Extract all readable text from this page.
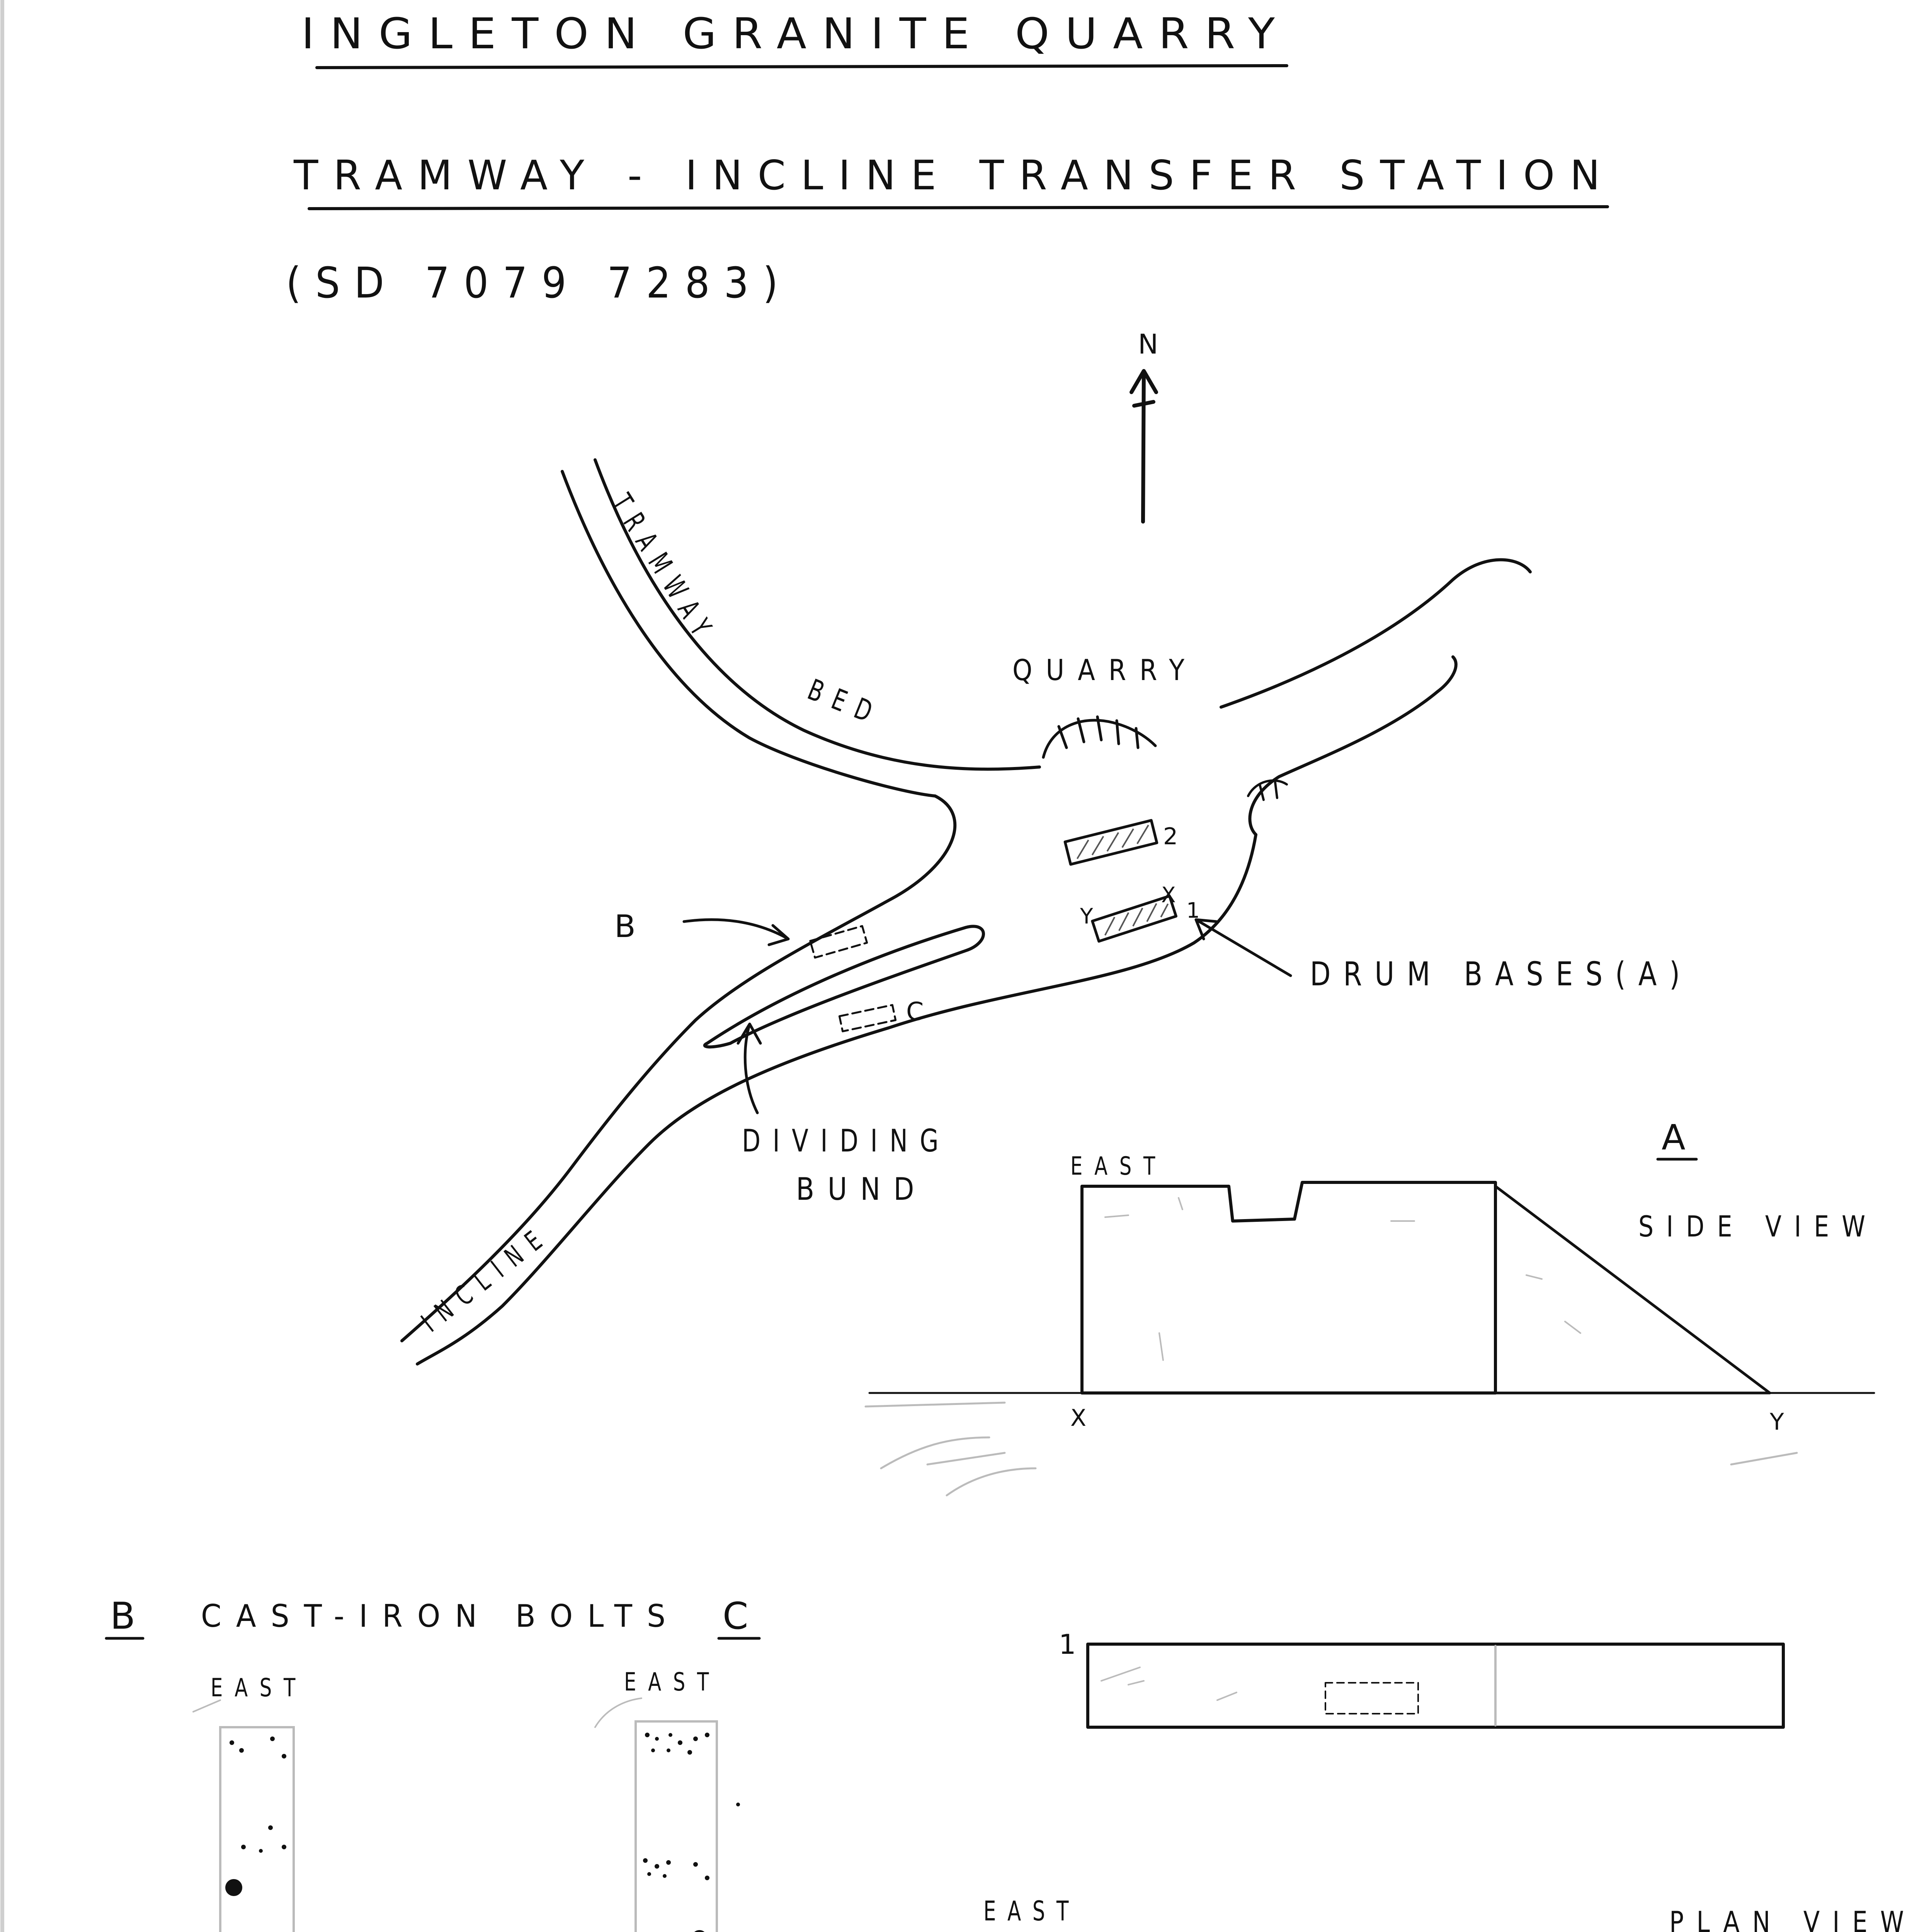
INGLETON GRANITE QUARRY
TRAMWAY - INCLINE TRANSFER STATION
(SD 7079 7283)
N
TRAMWAY BED
QUARRY
INCLINE
B
C
2
1
X
Y
DRUM BASES(A)
DIVIDING
BUND
A
SIDE VIEW
EAST
X	Y
B CAST-IRON BOLTS C
EAST	EAST
1
EAST	PLAN VIEW
